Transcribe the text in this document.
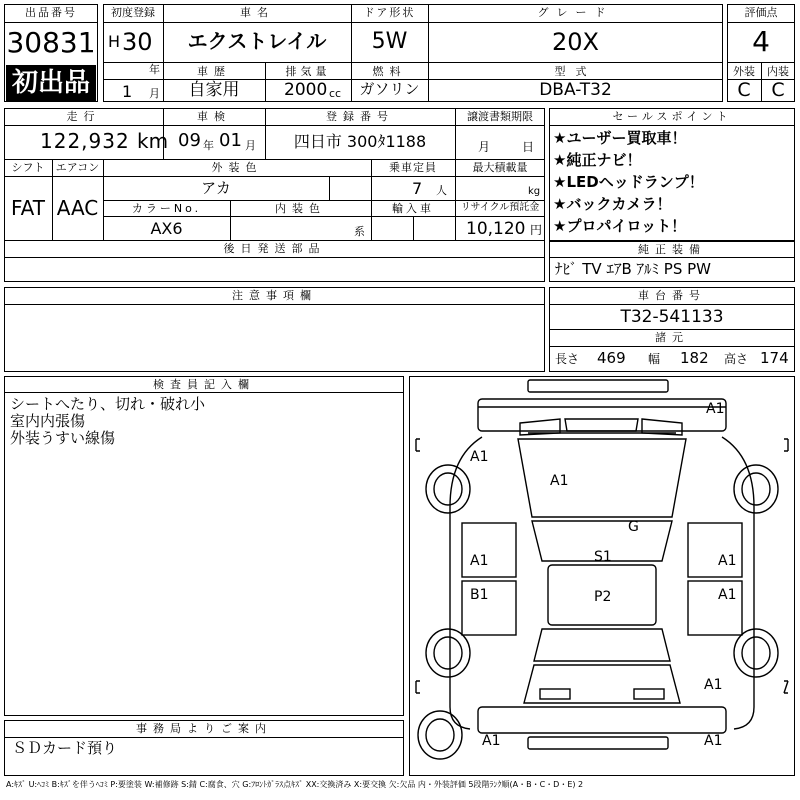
出品番号
30831
初出品
初度登録
H 30
年
1 月
車名
エクストレイル
ドア形状
5W
グレード
20X
車歴
自家用
排気量
2000 cc
燃料
ガソリン
型式
DBA-T32
評価点
4
外装	内装
C	C
走行
122,932 km
車検
09 年 01 月
登録番号
四日市 300ﾀ1188
譲渡書類期限
月	日
シフト
FAT
エアコン
AAC
外装色
アカ
乗車定員
7 人
最大積載量
kg
カラーNo.
AX6
内装色
系
輸入車	リサイクル預託金
10,120 円
後日発送部品
セールスポイント
★ユーザー買取車！
★純正ナビ！
★LEDヘッドランプ！
★バックカメラ！
★プロパイロット！
純正装備
ﾅﾋﾞ TV ｴｱB ｱﾙﾐ PS PW
注意事項欄	車台番号
T32-541133
諸元
長さ 469 幅 182 高さ 174
検査員記入欄
シートへたり、切れ・破れ小
室内内張傷
外装うすい線傷
事務局よりご案内
ＳＤカード預り
A1
A1
A1
G
S1
A1
B1
A1
A1
P2
A1
A1	A1
A:ｷｽﾞ U:ﾍｺﾐ B:ｷｽﾞを伴うﾍｺﾐ P:要塗装 W:補修跡 S:錆 C:腐食、穴 G:ﾌﾛﾝﾄｶﾞﾗｽ点ｷｽﾞ XX:交換済み X:要交換 欠:欠品 内・外装評価 5段階ﾗﾝｸ順(A・B・C・D・E) 2
